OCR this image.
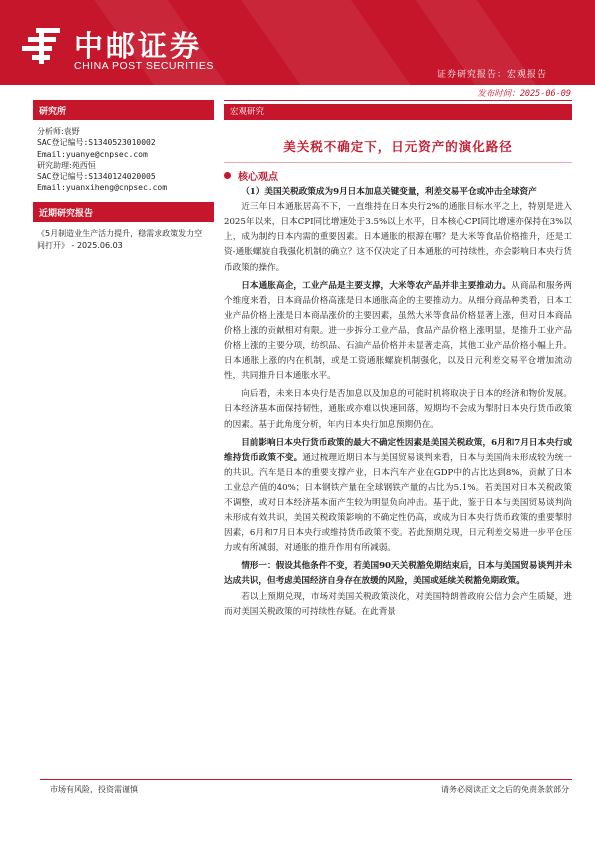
中邮证券
CHINA POST SECURITIES
证券研究报告：宏观报告
发布时间：2025-06-09
研究所
分析师:袁野
SAC登记编号:S1340523010002
Email:yuanye@cnpsec.com
研究助理:苑西恒
SAC登记编号:S1340124020005
Email:yuanxiheng@cnpsec.com
近期研究报告
《5月制造业生产活力提升，稳需求政策发力空间打开》 - 2025.06.03
宏观研究
美关税不确定下，日元资产的演化路径
核心观点

（1）美国关税政策成为9月日本加息关键变量，利差交易平仓或冲击全球资产

近三年日本通胀居高不下，一直维持在日本央行2%的通胀目标水平之上，特别是进入2025年以来，日本CPI同比增速处于3.5%以上水平，日本核心CPI同比增速亦保持在3%以上，成为制约日本内需的重要因素。日本通胀的根源在哪？是大米等食品价格推升，还是工资-通胀螺旋自我强化机制的确立？这不仅决定了日本通胀的可持续性，亦会影响日本央行货币政策的操作。

日本通胀高企，工业产品是主要支撑，大米等农产品并非主要推动力。从商品和服务两个维度来看，日本商品价格高涨是日本通胀高企的主要推动力。从细分商品种类看，日本工业产品价格上涨是日本商品涨价的主要因素，虽然大米等食品价格显著上涨，但对日本商品价格上涨的贡献相对有限。进一步拆分工业产品，食品产品价格上涨明显，是推升工业产品价格上涨的主要分项，纺织品、石油产品价格并未显著走高，其他工业产品价格小幅上升。日本通胀上涨的内在机制，或是工资通胀螺旋机制强化，以及日元利差交易平仓增加流动性，共同推升日本通胀水平。

向后看，未来日本央行是否加息以及加息的可能时机将取决于日本的经济和物价发展。日本经济基本面保持韧性，通胀或亦难以快速回落，短期均不会成为掣肘日本央行货币政策的因素。基于此角度分析，年内日本央行加息预期仍在。

目前影响日本央行货币政策的最大不确定性因素是美国关税政策，6月和7月日本央行或维持货币政策不变。通过梳理近期日本与美国贸易谈判来看，日本与美国尚未形成较为统一的共识。汽车是日本的重要支撑产业，日本汽车产业在GDP中的占比达到8%，贡献了日本工业总产值的40%；日本钢铁产量在全球钢铁产量的占比为5.1%。若美国对日本关税政策不调整，或对日本经济基本面产生较为明显负向冲击。基于此，鉴于日本与美国贸易谈判尚未形成有效共识，美国关税政策影响的不确定性仍高，或成为日本央行货币政策的重要掣肘因素，6月和7月日本央行或维持货币政策不变。若此预期兑现，日元利差交易进一步平仓压力或有所减弱，对通胀的推升作用有所减弱。

情形一：假设其他条件不变，若美国90天关税豁免期结束后，日本与美国贸易谈判并未达成共识，但考虑美国经济自身存在放缓的风险，美国或延续关税豁免期政策。

若以上预期兑现，市场对美国关税政策淡化，对美国特朗普政府公信力会产生质疑，进而对美国关税政策的可持续性存疑。在此背景

市场有风险，投资需谨慎	请务必阅读正文之后的免责条款部分
